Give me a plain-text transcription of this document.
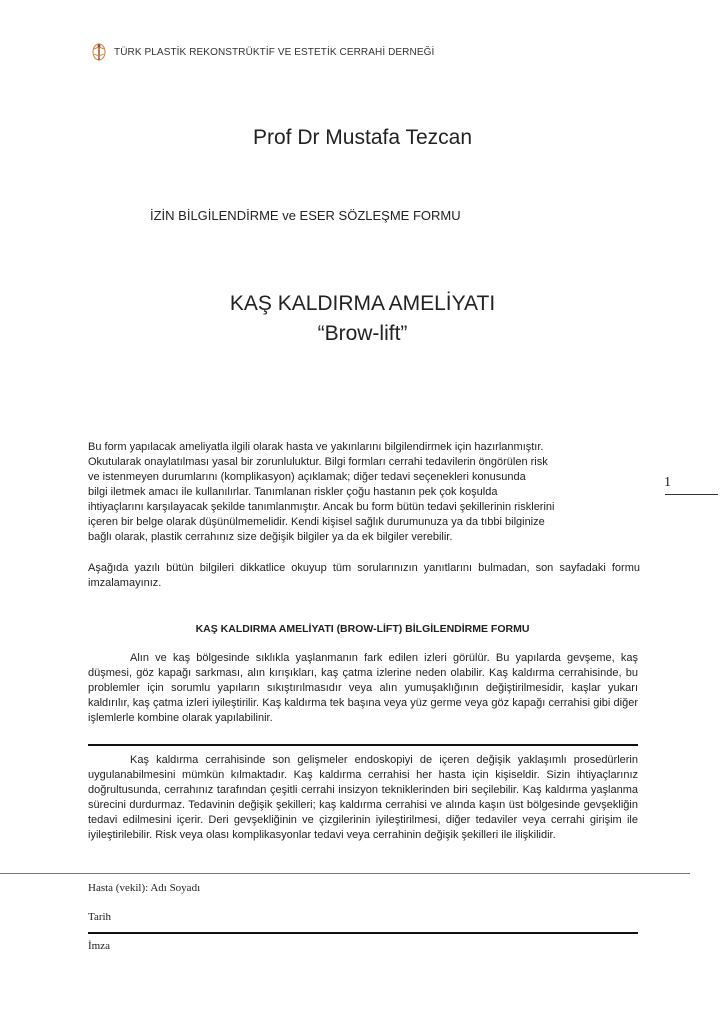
TÜRK PLASTİK REKONSTRÜKTİF VE ESTETİK CERRAHİ DERNEĞİ
Prof Dr Mustafa Tezcan
İZİN BİLGİLENDİRME ve ESER SÖZLEŞME FORMU
KAŞ KALDIRMA AMELİYATI
“Brow-lift”
1
Bu form yapılacak ameliyatla ilgili olarak hasta ve yakınlarını bilgilendirmek için hazırlanmıştır.
Okutularak onaylatılması yasal bir zorunluluktur. Bilgi formları cerrahi tedavilerin öngörülen risk
ve istenmeyen durumlarını (komplikasyon) açıklamak; diğer tedavi seçenekleri konusunda
bilgi iletmek amacı ile kullanılırlar. Tanımlanan riskler çoğu hastanın pek çok koşulda
ihtiyaçlarını karşılayacak şekilde tanımlanmıştır. Ancak bu form bütün tedavi şekillerinin risklerini
içeren bir belge olarak düşünülmemelidir. Kendi kişisel sağlık durumunuza ya da tıbbi bilginize
bağlı olarak, plastik cerrahınız size değişik bilgiler ya da ek bilgiler verebilir.
Aşağıda yazılı bütün bilgileri dikkatlice okuyup tüm sorularınızın yanıtlarını bulmadan, son sayfadaki formu imzalamayınız.
KAŞ KALDIRMA AMELİYATI (BROW-LİFT) BİLGİLENDİRME FORMU
Alın ve kaş bölgesinde sıklıkla yaşlanmanın fark edilen izleri görülür. Bu yapılarda gevşeme, kaş düşmesi, göz kapağı sarkması, alın kırışıkları, kaş çatma izlerine neden olabilir. Kaş kaldırma cerrahisinde, bu problemler için sorumlu yapıların sıkıştırılmasıdır veya alın yumuşaklığının değiştirilmesidir, kaşlar yukarı kaldırılır, kaş çatma izleri iyileştirilir. Kaş kaldırma tek başına veya yüz germe veya göz kapağı cerrahisi gibi diğer işlemlerle kombine olarak yapılabilinir.
Kaş kaldırma cerrahisinde son gelişmeler endoskopiyi de içeren değişik yaklaşımlı prosedürlerin uygulanabilmesini mümkün kılmaktadır. Kaş kaldırma cerrahisi her hasta için kişiseldir. Sizin ihtiyaçlarınız doğrultusunda, cerrahınız tarafından çeşitli cerrahi insizyon tekniklerinden biri seçilebilir. Kaş kaldırma yaşlanma sürecini durdurmaz. Tedavinin değişik şekilleri; kaş kaldırma cerrahisi ve alında kaşın üst bölgesinde gevşekliğin tedavi edilmesini içerir. Deri gevşekliğinin ve çizgilerinin iyileştirilmesi, diğer tedaviler veya cerrahi girişim ile iyileştirilebilir. Risk veya olası komplikasyonlar tedavi veya cerrahinin değişik şekilleri ile ilişkilidir.
Hasta (vekil): Adı Soyadı
Tarih
İmza
